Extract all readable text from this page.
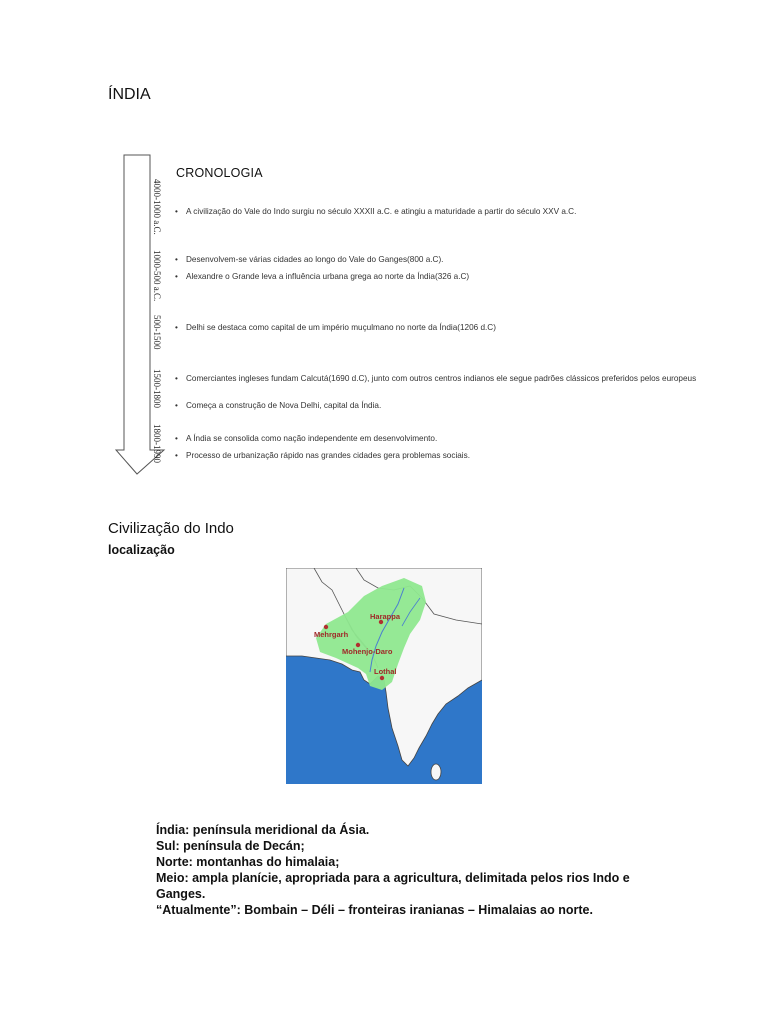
ÍNDIA
4000-1000 a.C.
1000-500 a.C.
500-1500
1500-1800
1800-1990
CRONOLOGIA
• A civilização do Vale do Indo surgiu no século XXXII a.C. e atingiu a maturidade a partir do século XXV a.C.
• Desenvolvem-se várias cidades ao longo do Vale do Ganges(800 a.C).
• Alexandre o Grande leva a influência urbana grega ao norte da Índia(326 a.C)
• Delhi se destaca como capital de um império muçulmano no norte da Índia(1206 d.C)
• Comerciantes ingleses fundam Calcutá(1690 d.C), junto com outros centros indianos ele segue padrões clássicos preferidos pelos europeus
• Começa a construção de Nova Delhi, capital da Índia.
• A Índia se consolida como nação independente em desenvolvimento.
• Processo de urbanização rápido nas grandes cidades gera problemas sociais.
Civilização do Indo
localização
Harappa
Mehrgarh
Mohenjo-Daro
Lothal
Índia: península meridional da Ásia.
Sul: península de Decán;
Norte: montanhas do himalaia;
Meio: ampla planície, apropriada para a agricultura, delimitada pelos rios Indo e Ganges.
“Atualmente”: Bombain – Déli – fronteiras iranianas – Himalaias ao norte.
